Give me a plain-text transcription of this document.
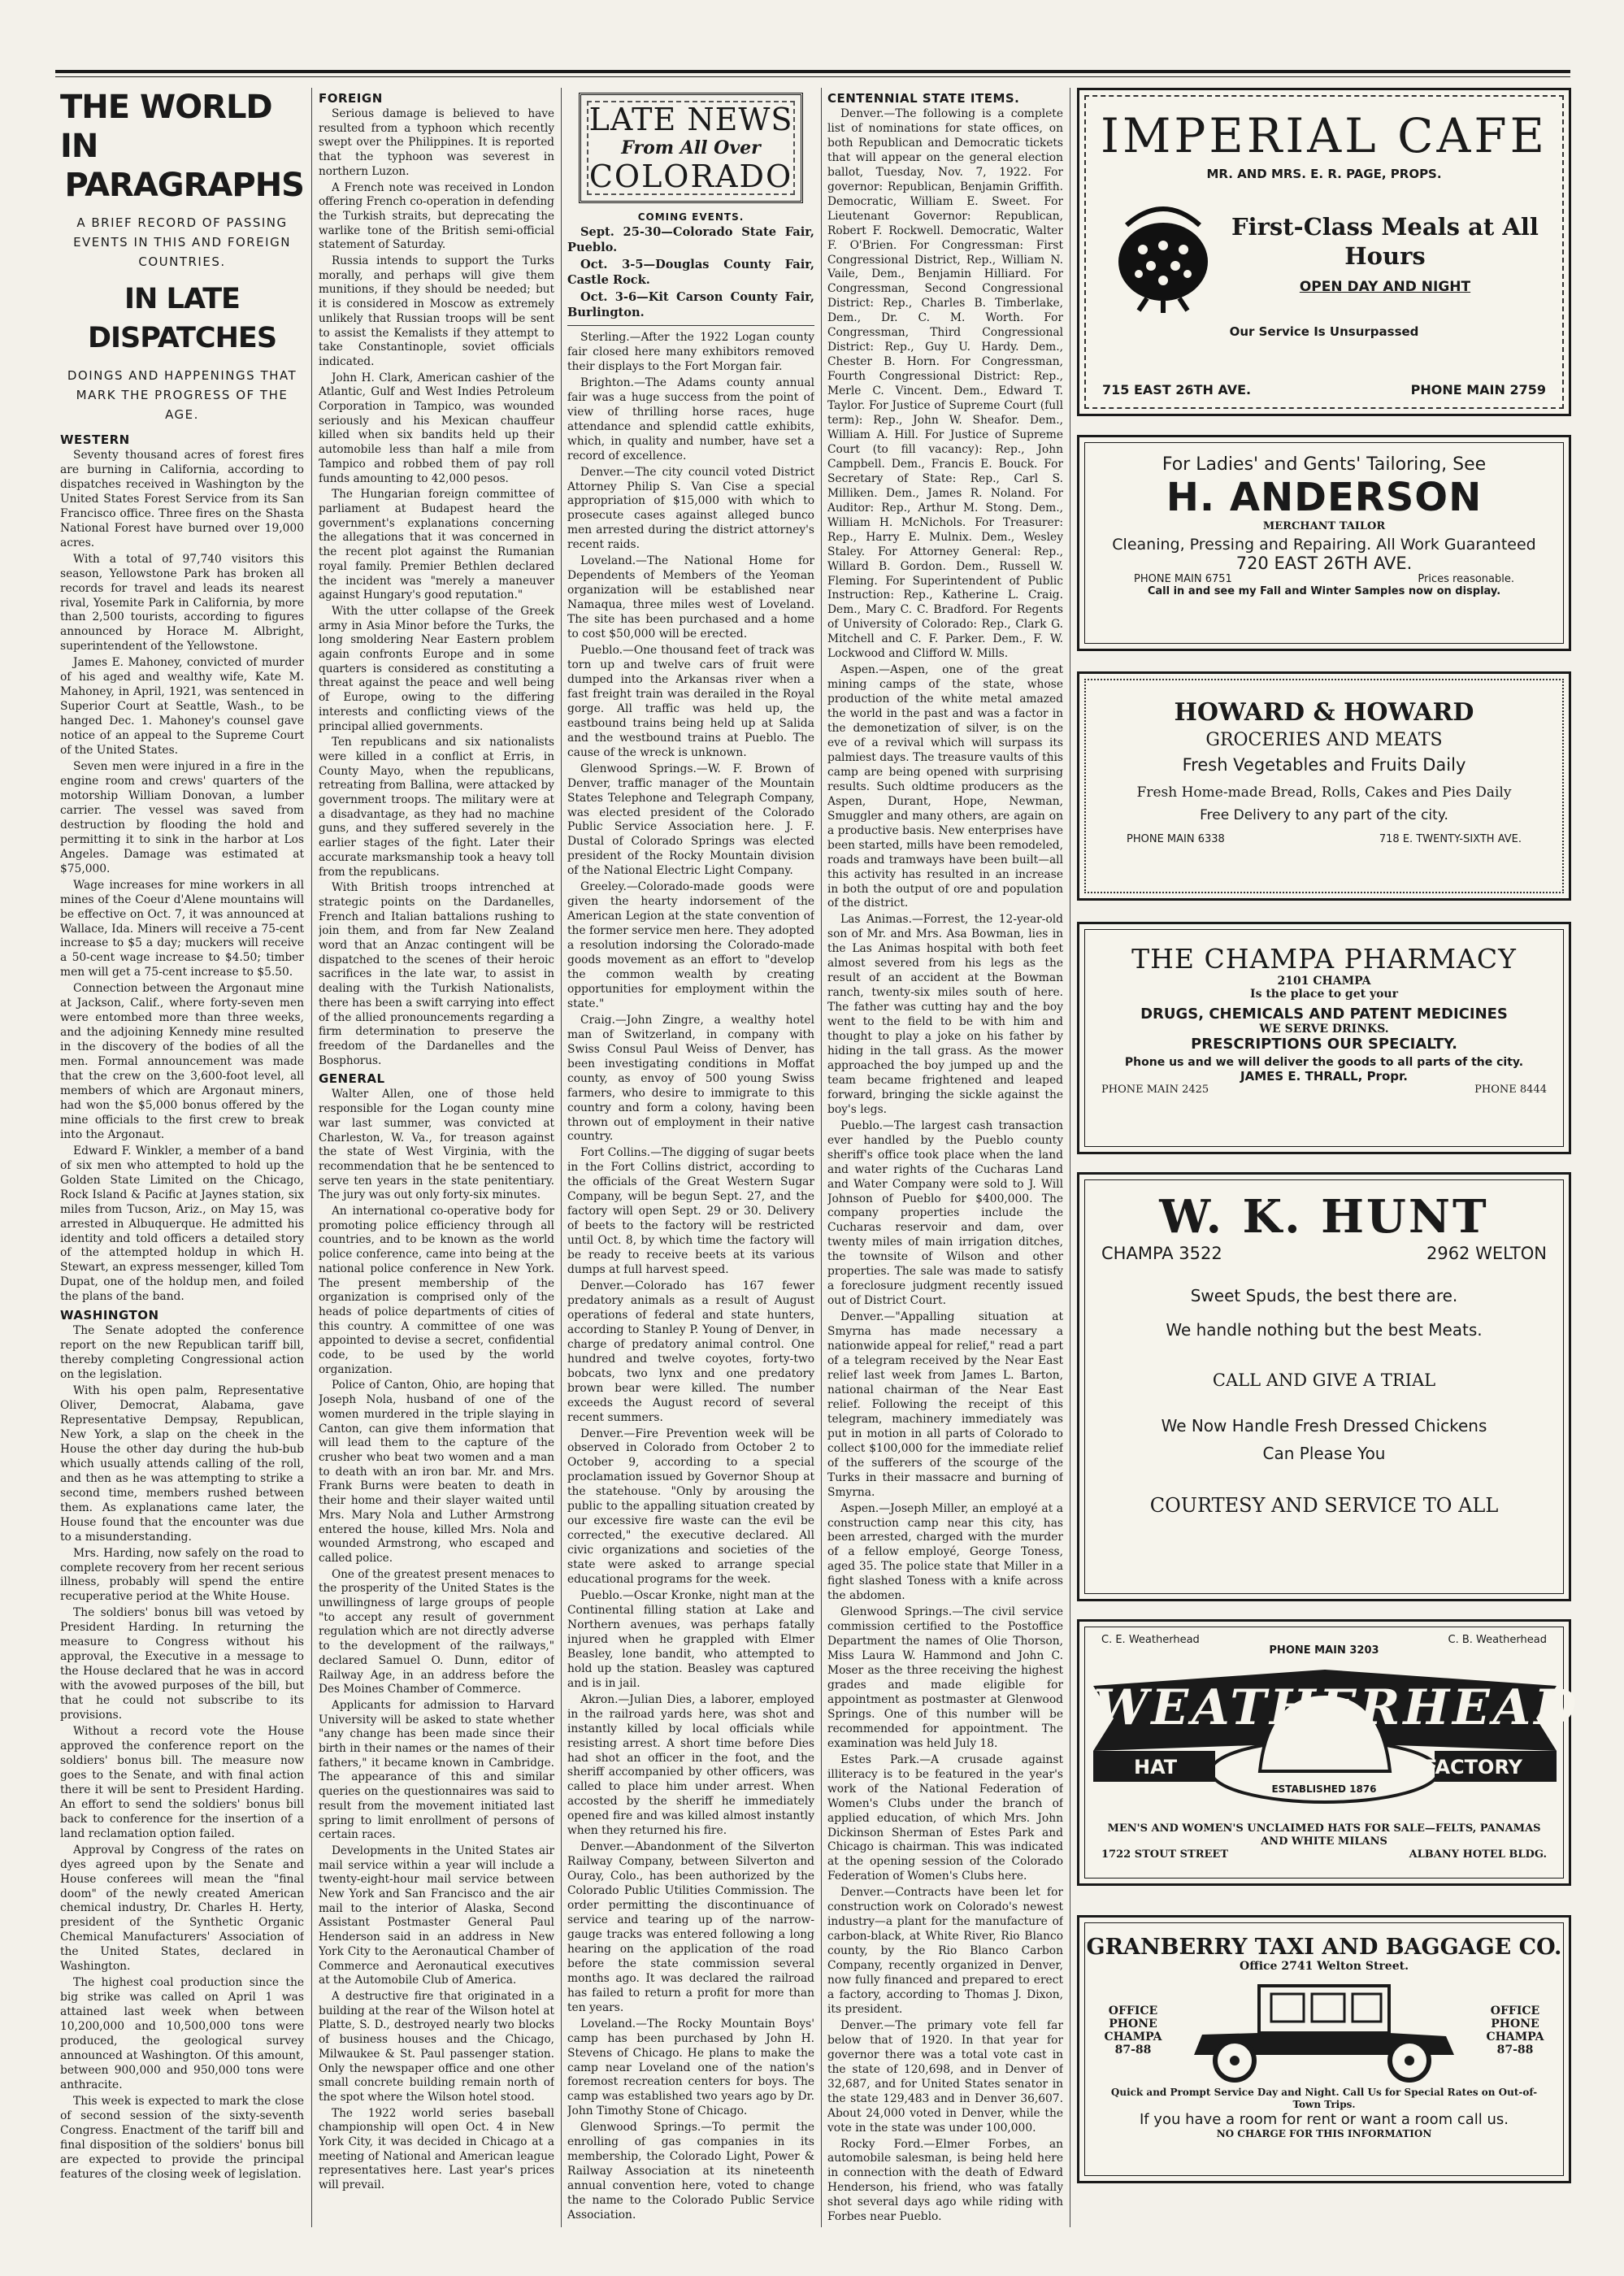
THE WORLD IN
PARAGRAPHS
A BRIEF RECORD OF PASSING EVENTS IN THIS AND FOREIGN COUNTRIES.
IN LATE DISPATCHES
DOINGS AND HAPPENINGS THAT MARK THE PROGRESS OF THE AGE.
WESTERN

Seventy thousand acres of forest fires are burning in California, according to dispatches received in Washington by the United States Forest Service from its San Francisco office. Three fires on the Shasta National Forest have burned over 19,000 acres.

With a total of 97,740 visitors this season, Yellowstone Park has broken all records for travel and leads its nearest rival, Yosemite Park in California, by more than 2,500 tourists, according to figures announced by Horace M. Albright, superintendent of the Yellowstone.

James E. Mahoney, convicted of murder of his aged and wealthy wife, Kate M. Mahoney, in April, 1921, was sentenced in Superior Court at Seattle, Wash., to be hanged Dec. 1. Mahoney's counsel gave notice of an appeal to the Supreme Court of the United States.

Seven men were injured in a fire in the engine room and crews' quarters of the motorship William Donovan, a lumber carrier. The vessel was saved from destruction by flooding the hold and permitting it to sink in the harbor at Los Angeles. Damage was estimated at $75,000.

Wage increases for mine workers in all mines of the Coeur d'Alene mountains will be effective on Oct. 7, it was announced at Wallace, Ida. Miners will receive a 75-cent increase to $5 a day; muckers will receive a 50-cent wage increase to $4.50; timber men will get a 75-cent increase to $5.50.

Connection between the Argonaut mine at Jackson, Calif., where forty-seven men were entombed more than three weeks, and the adjoining Kennedy mine resulted in the discovery of the bodies of all the men. Formal announcement was made that the crew on the 3,600-foot level, all members of which are Argonaut miners, had won the $5,000 bonus offered by the mine officials to the first crew to break into the Argonaut.

Edward F. Winkler, a member of a band of six men who attempted to hold up the Golden State Limited on the Chicago, Rock Island & Pacific at Jaynes station, six miles from Tucson, Ariz., on May 15, was arrested in Albuquerque. He admitted his identity and told officers a detailed story of the attempted holdup in which H. Stewart, an express messenger, killed Tom Dupat, one of the holdup men, and foiled the plans of the band.

WASHINGTON

The Senate adopted the conference report on the new Republican tariff bill, thereby completing Congressional action on the legislation.

With his open palm, Representative Oliver, Democrat, Alabama, gave Representative Dempsay, Republican, New York, a slap on the cheek in the House the other day during the hub-bub which usually attends calling of the roll, and then as he was attempting to strike a second time, members rushed between them. As explanations came later, the House found that the encounter was due to a misunderstanding.

Mrs. Harding, now safely on the road to complete recovery from her recent serious illness, probably will spend the entire recuperative period at the White House.

The soldiers' bonus bill was vetoed by President Harding. In returning the measure to Congress without his approval, the Executive in a message to the House declared that he was in accord with the avowed purposes of the bill, but that he could not subscribe to its provisions.

Without a record vote the House approved the conference report on the soldiers' bonus bill. The measure now goes to the Senate, and with final action there it will be sent to President Harding. An effort to send the soldiers' bonus bill back to conference for the insertion of a land reclamation option failed.

Approval by Congress of the rates on dyes agreed upon by the Senate and House conferees will mean the "final doom" of the newly created American chemical industry, Dr. Charles H. Herty, president of the Synthetic Organic Chemical Manufacturers' Association of the United States, declared in Washington.

The highest coal production since the big strike was called on April 1 was attained last week when between 10,200,000 and 10,500,000 tons were produced, the geological survey announced at Washington. Of this amount, between 900,000 and 950,000 tons were anthracite.

This week is expected to mark the close of second session of the sixty-seventh Congress. Enactment of the tariff bill and final disposition of the soldiers' bonus bill are expected to provide the principal features of the closing week of legislation.

FOREIGN

Serious damage is believed to have resulted from a typhoon which recently swept over the Philippines. It is reported that the typhoon was severest in northern Luzon.

A French note was received in London offering French co-operation in defending the Turkish straits, but deprecating the warlike tone of the British semi-official statement of Saturday.

Russia intends to support the Turks morally, and perhaps will give them munitions, if they should be needed; but it is considered in Moscow as extremely unlikely that Russian troops will be sent to assist the Kemalists if they attempt to take Constantinople, soviet officials indicated.

John H. Clark, American cashier of the Atlantic, Gulf and West Indies Petroleum Corporation in Tampico, was wounded seriously and his Mexican chauffeur killed when six bandits held up their automobile less than half a mile from Tampico and robbed them of pay roll funds amounting to 42,000 pesos.

The Hungarian foreign committee of parliament at Budapest heard the government's explanations concerning the allegations that it was concerned in the recent plot against the Rumanian royal family. Premier Bethlen declared the incident was "merely a maneuver against Hungary's good reputation."

With the utter collapse of the Greek army in Asia Minor before the Turks, the long smoldering Near Eastern problem again confronts Europe and in some quarters is considered as constituting a threat against the peace and well being of Europe, owing to the differing interests and conflicting views of the principal allied governments.

Ten republicans and six nationalists were killed in a conflict at Erris, in County Mayo, when the republicans, retreating from Ballina, were attacked by government troops. The military were at a disadvantage, as they had no machine guns, and they suffered severely in the earlier stages of the fight. Later their accurate marksmanship took a heavy toll from the republicans.

With British troops intrenched at strategic points on the Dardanelles, French and Italian battalions rushing to join them, and from far New Zealand word that an Anzac contingent will be dispatched to the scenes of their heroic sacrifices in the late war, to assist in dealing with the Turkish Nationalists, there has been a swift carrying into effect of the allied pronouncements regarding a firm determination to preserve the freedom of the Dardanelles and the Bosphorus.

GENERAL

Walter Allen, one of those held responsible for the Logan county mine war last summer, was convicted at Charleston, W. Va., for treason against the state of West Virginia, with the recommendation that he be sentenced to serve ten years in the state penitentiary. The jury was out only forty-six minutes.

An international co-operative body for promoting police efficiency through all countries, and to be known as the world police conference, came into being at the national police conference in New York. The present membership of the organization is comprised only of the heads of police departments of cities of this country. A committee of one was appointed to devise a secret, confidential code, to be used by the world organization.

Police of Canton, Ohio, are hoping that Joseph Nola, husband of one of the women murdered in the triple slaying in Canton, can give them information that will lead them to the capture of the crusher who beat two women and a man to death with an iron bar. Mr. and Mrs. Frank Burns were beaten to death in their home and their slayer waited until Mrs. Mary Nola and Luther Armstrong entered the house, killed Mrs. Nola and wounded Armstrong, who escaped and called police.

One of the greatest present menaces to the prosperity of the United States is the unwillingness of large groups of people "to accept any result of government regulation which are not directly adverse to the development of the railways," declared Samuel O. Dunn, editor of Railway Age, in an address before the Des Moines Chamber of Commerce.

Applicants for admission to Harvard University will be asked to state whether "any change has been made since their birth in their names or the names of their fathers," it became known in Cambridge. The appearance of this and similar queries on the questionnaires was said to result from the movement initiated last spring to limit enrollment of persons of certain races.

Developments in the United States air mail service within a year will include a twenty-eight-hour mail service between New York and San Francisco and the air mail to the interior of Alaska, Second Assistant Postmaster General Paul Henderson said in an address in New York City to the Aeronautical Chamber of Commerce and Aeronautical executives at the Automobile Club of America.

A destructive fire that originated in a building at the rear of the Wilson hotel at Platte, S. D., destroyed nearly two blocks of business houses and the Chicago, Milwaukee & St. Paul passenger station. Only the newspaper office and one other small concrete building remain north of the spot where the Wilson hotel stood.

The 1922 world series baseball championship will open Oct. 4 in New York City, it was decided in Chicago at a meeting of National and American league representatives here. Last year's prices will prevail.

LATE NEWS
From All Over
COLORADO
COMING EVENTS.

Sept. 25-30—Colorado State Fair, Pueblo.

Oct. 3-5—Douglas County Fair, Castle Rock.

Oct. 3-6—Kit Carson County Fair, Burlington.

Sterling.—After the 1922 Logan county fair closed here many exhibitors removed their displays to the Fort Morgan fair.

Brighton.—The Adams county annual fair was a huge success from the point of view of thrilling horse races, huge attendance and splendid cattle exhibits, which, in quality and number, have set a record of excellence.

Denver.—The city council voted District Attorney Philip S. Van Cise a special appropriation of $15,000 with which to prosecute cases against alleged bunco men arrested during the district attorney's recent raids.

Loveland.—The National Home for Dependents of Members of the Yeoman organization will be established near Namaqua, three miles west of Loveland. The site has been purchased and a home to cost $50,000 will be erected.

Pueblo.—One thousand feet of track was torn up and twelve cars of fruit were dumped into the Arkansas river when a fast freight train was derailed in the Royal gorge. All traffic was held up, the eastbound trains being held up at Salida and the westbound trains at Pueblo. The cause of the wreck is unknown.

Glenwood Springs.—W. F. Brown of Denver, traffic manager of the Mountain States Telephone and Telegraph Company, was elected president of the Colorado Public Service Association here. J. F. Dustal of Colorado Springs was elected president of the Rocky Mountain division of the National Electric Light Company.

Greeley.—Colorado-made goods were given the hearty indorsement of the American Legion at the state convention of the former service men here. They adopted a resolution indorsing the Colorado-made goods movement as an effort to "develop the common wealth by creating opportunities for employment within the state."

Craig.—John Zingre, a wealthy hotel man of Switzerland, in company with Swiss Consul Paul Weiss of Denver, has been investigating conditions in Moffat county, as envoy of 500 young Swiss farmers, who desire to immigrate to this country and form a colony, having been thrown out of employment in their native country.

Fort Collins.—The digging of sugar beets in the Fort Collins district, according to the officials of the Great Western Sugar Company, will be begun Sept. 27, and the factory will open Sept. 29 or 30. Delivery of beets to the factory will be restricted until Oct. 8, by which time the factory will be ready to receive beets at its various dumps at full harvest speed.

Denver.—Colorado has 167 fewer predatory animals as a result of August operations of federal and state hunters, according to Stanley P. Young of Denver, in charge of predatory animal control. One hundred and twelve coyotes, forty-two bobcats, two lynx and one predatory brown bear were killed. The number exceeds the August record of several recent summers.

Denver.—Fire Prevention week will be observed in Colorado from October 2 to October 9, according to a special proclamation issued by Governor Shoup at the statehouse. "Only by arousing the public to the appalling situation created by our excessive fire waste can the evil be corrected," the executive declared. All civic organizations and societies of the state were asked to arrange special educational programs for the week.

Pueblo.—Oscar Kronke, night man at the Continental filling station at Lake and Northern avenues, was perhaps fatally injured when he grappled with Elmer Beasley, lone bandit, who attempted to hold up the station. Beasley was captured and is in jail.

Akron.—Julian Dies, a laborer, employed in the railroad yards here, was shot and instantly killed by local officials while resisting arrest. A short time before Dies had shot an officer in the foot, and the sheriff accompanied by other officers, was called to place him under arrest. When accosted by the sheriff he immediately opened fire and was killed almost instantly when they returned his fire.

Denver.—Abandonment of the Silverton Railway Company, between Silverton and Ouray, Colo., has been authorized by the Colorado Public Utilities Commission. The order permitting the discontinuance of service and tearing up of the narrow-gauge tracks was entered following a long hearing on the application of the road before the state commission several months ago. It was declared the railroad has failed to return a profit for more than ten years.

Loveland.—The Rocky Mountain Boys' camp has been purchased by John H. Stevens of Chicago. He plans to make the camp near Loveland one of the nation's foremost recreation centers for boys. The camp was established two years ago by Dr. John Timothy Stone of Chicago.

Glenwood Springs.—To permit the enrolling of gas companies in its membership, the Colorado Light, Power & Railway Association at its nineteenth annual convention here, voted to change the name to the Colorado Public Service Association.

CENTENNIAL STATE ITEMS.

Denver.—The following is a complete list of nominations for state offices, on both Republican and Democratic tickets that will appear on the general election ballot, Tuesday, Nov. 7, 1922. For governor: Republican, Benjamin Griffith. Democratic, William E. Sweet. For Lieutenant Governor: Republican, Robert F. Rockwell. Democratic, Walter F. O'Brien. For Congressman: First Congressional District, Rep., William N. Vaile, Dem., Benjamin Hilliard. For Congressman, Second Congressional District: Rep., Charles B. Timberlake, Dem., Dr. C. M. Worth. For Congressman, Third Congressional District: Rep., Guy U. Hardy. Dem., Chester B. Horn. For Congressman, Fourth Congressional District: Rep., Merle C. Vincent. Dem., Edward T. Taylor. For Justice of Supreme Court (full term): Rep., John W. Sheafor. Dem., William A. Hill. For Justice of Supreme Court (to fill vacancy): Rep., John Campbell. Dem., Francis E. Bouck. For Secretary of State: Rep., Carl S. Milliken. Dem., James R. Noland. For Auditor: Rep., Arthur M. Stong. Dem., William H. McNichols. For Treasurer: Rep., Harry E. Mulnix. Dem., Wesley Staley. For Attorney General: Rep., Willard B. Gordon. Dem., Russell W. Fleming. For Superintendent of Public Instruction: Rep., Katherine L. Craig. Dem., Mary C. C. Bradford. For Regents of University of Colorado: Rep., Clark G. Mitchell and C. F. Parker. Dem., F. W. Lockwood and Clifford W. Mills.

Aspen.—Aspen, one of the great mining camps of the state, whose production of the white metal amazed the world in the past and was a factor in the demonetization of silver, is on the eve of a revival which will surpass its palmiest days. The treasure vaults of this camp are being opened with surprising results. Such oldtime producers as the Aspen, Durant, Hope, Newman, Smuggler and many others, are again on a productive basis. New enterprises have been started, mills have been remodeled, roads and tramways have been built—all this activity has resulted in an increase in both the output of ore and population of the district.

Las Animas.—Forrest, the 12-year-old son of Mr. and Mrs. Asa Bowman, lies in the Las Animas hospital with both feet almost severed from his legs as the result of an accident at the Bowman ranch, twenty-six miles south of here. The father was cutting hay and the boy went to the field to be with him and thought to play a joke on his father by hiding in the tall grass. As the mower approached the boy jumped up and the team became frightened and leaped forward, bringing the sickle against the boy's legs.

Pueblo.—The largest cash transaction ever handled by the Pueblo county sheriff's office took place when the land and water rights of the Cucharas Land and Water Company were sold to J. Will Johnson of Pueblo for $400,000. The company properties include the Cucharas reservoir and dam, over twenty miles of main irrigation ditches, the townsite of Wilson and other properties. The sale was made to satisfy a foreclosure judgment recently issued out of District Court.

Denver.—"Appalling situation at Smyrna has made necessary a nationwide appeal for relief," read a part of a telegram received by the Near East relief last week from James L. Barton, national chairman of the Near East relief. Following the receipt of this telegram, machinery immediately was put in motion in all parts of Colorado to collect $100,000 for the immediate relief of the sufferers of the scourge of the Turks in their massacre and burning of Smyrna.

Aspen.—Joseph Miller, an employé at a construction camp near this city, has been arrested, charged with the murder of a fellow employé, George Toness, aged 35. The police state that Miller in a fight slashed Toness with a knife across the abdomen.

Glenwood Springs.—The civil service commission certified to the Postoffice Department the names of Olie Thorson, Miss Laura W. Hammond and John C. Moser as the three receiving the highest grades and made eligible for appointment as postmaster at Glenwood Springs. One of this number will be recommended for appointment. The examination was held July 18.

Estes Park.—A crusade against illiteracy is to be featured in the year's work of the National Federation of Women's Clubs under the branch of applied education, of which Mrs. John Dickinson Sherman of Estes Park and Chicago is chairman. This was indicated at the opening session of the Colorado Federation of Women's Clubs here.

Denver.—Contracts have been let for construction work on Colorado's newest industry—a plant for the manufacture of carbon-black, at White River, Rio Blanco county, by the Rio Blanco Carbon Company, recently organized in Denver, now fully financed and prepared to erect a factory, according to Thomas J. Dixon, its president.

Denver.—The primary vote fell far below that of 1920. In that year for governor there was a total vote cast in the state of 120,698, and in Denver of 32,687, and for United States senator in the state 129,483 and in Denver 36,607. About 24,000 voted in Denver, while the vote in the state was under 100,000.

Rocky Ford.—Elmer Forbes, an automobile salesman, is being held here in connection with the death of Edward Henderson, his friend, who was fatally shot several days ago while riding with Forbes near Pueblo.

IMPERIAL CAFE
MR. AND MRS. E. R. PAGE, PROPS.
First-Class Meals at All Hours
OPEN DAY AND NIGHT
Our Service Is Unsurpassed
715 EAST 26TH AVE.	PHONE MAIN 2759
For Ladies' and Gents' Tailoring, See
H. ANDERSON
MERCHANT TAILOR
Cleaning, Pressing and Repairing. All Work Guaranteed
720 EAST 26TH AVE.
PHONE MAIN 6751	Prices reasonable.
Call in and see my Fall and Winter Samples now on display.
HOWARD & HOWARD
GROCERIES AND MEATS
Fresh Vegetables and Fruits Daily
Fresh Home-made Bread, Rolls, Cakes and Pies Daily
Free Delivery to any part of the city.
PHONE MAIN 6338	718 E. TWENTY-SIXTH AVE.
THE CHAMPA PHARMACY
2101 CHAMPA
Is the place to get your
DRUGS, CHEMICALS AND PATENT MEDICINES
WE SERVE DRINKS.
PRESCRIPTIONS OUR SPECIALTY.
Phone us and we will deliver the goods to all parts of the city.
JAMES E. THRALL, Propr.
PHONE MAIN 2425	PHONE 8444
W. K. HUNT
CHAMPA 3522	2962 WELTON
Sweet Spuds, the best there are.
We handle nothing but the best Meats.
CALL AND GIVE A TRIAL
We Now Handle Fresh Dressed Chickens
Can Please You
COURTESY AND SERVICE TO ALL
C. E. Weatherhead	C. B. Weatherhead
PHONE MAIN 3203
WEATHERHEAD
HAT	FACTORY
ESTABLISHED 1876
MEN'S AND WOMEN'S UNCLAIMED HATS FOR SALE—FELTS, PANAMAS AND WHITE MILANS
1722 STOUT STREET	ALBANY HOTEL BLDG.
GRANBERRY TAXI AND BAGGAGE CO.
Office 2741 Welton Street.
OFFICE PHONE CHAMPA 87-88
OFFICE PHONE CHAMPA 87-88
Quick and Prompt Service Day and Night. Call Us for Special Rates on Out-of-Town Trips.
If you have a room for rent or want a room call us.
NO CHARGE FOR THIS INFORMATION
